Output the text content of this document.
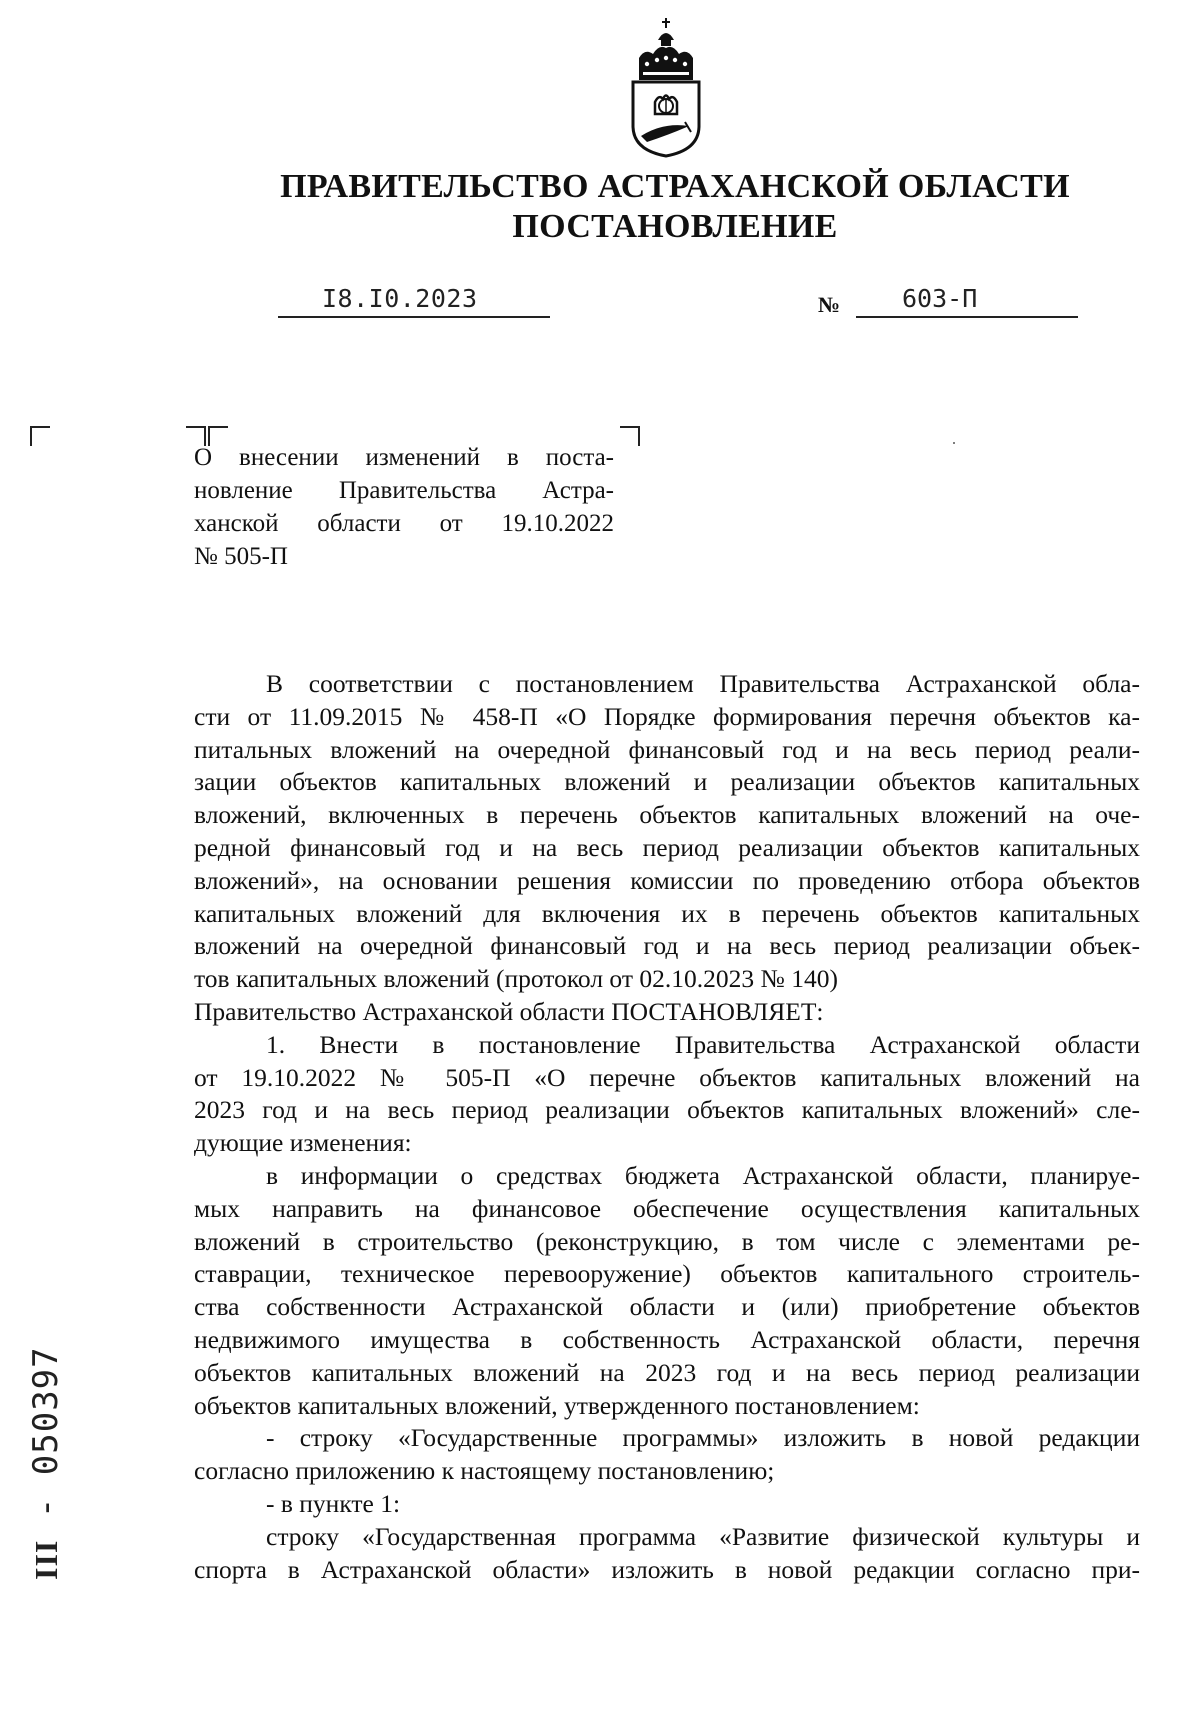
ПРАВИТЕЛЬСТВО АСТРАХАНСКОЙ ОБЛАСТИ
ПОСТАНОВЛЕНИЕ
I8.I0.2023	№ 603-П
О внесении изменений в поста-
новление Правительства Астра-
ханской области от 19.10.2022
№ 505-П
В соответствии с постановлением Правительства Астраханской обла-
сти от 11.09.2015 № 458-П «О Порядке формирования перечня объектов ка-
питальных вложений на очередной финансовый год и на весь период реали-
зации объектов капитальных вложений и реализации объектов капитальных
вложений, включенных в перечень объектов капитальных вложений на оче-
редной финансовый год и на весь период реализации объектов капитальных
вложений», на основании решения комиссии по проведению отбора объектов
капитальных вложений для включения их в перечень объектов капитальных
вложений на очередной финансовый год и на весь период реализации объек-
тов капитальных вложений (протокол от 02.10.2023 № 140)
Правительство Астраханской области ПОСТАНОВЛЯЕТ:
1. Внести в постановление Правительства Астраханской области
от 19.10.2022 № 505-П «О перечне объектов капитальных вложений на
2023 год и на весь период реализации объектов капитальных вложений» сле-
дующие изменения:
в информации о средствах бюджета Астраханской области, планируе-
мых направить на финансовое обеспечение осуществления капитальных
вложений в строительство (реконструкцию, в том числе с элементами ре-
ставрации, техническое перевооружение) объектов капитального строитель-
ства собственности Астраханской области и (или) приобретение объектов
недвижимого имущества в собственность Астраханской области, перечня
объектов капитальных вложений на 2023 год и на весь период реализации
объектов капитальных вложений, утвержденного постановлением:
- строку «Государственные программы» изложить в новой редакции
согласно приложению к настоящему постановлению;
- в пункте 1:
строку «Государственная программа «Развитие физической культуры и
спорта в Астраханской области» изложить в новой редакции согласно при-
III - 050397
